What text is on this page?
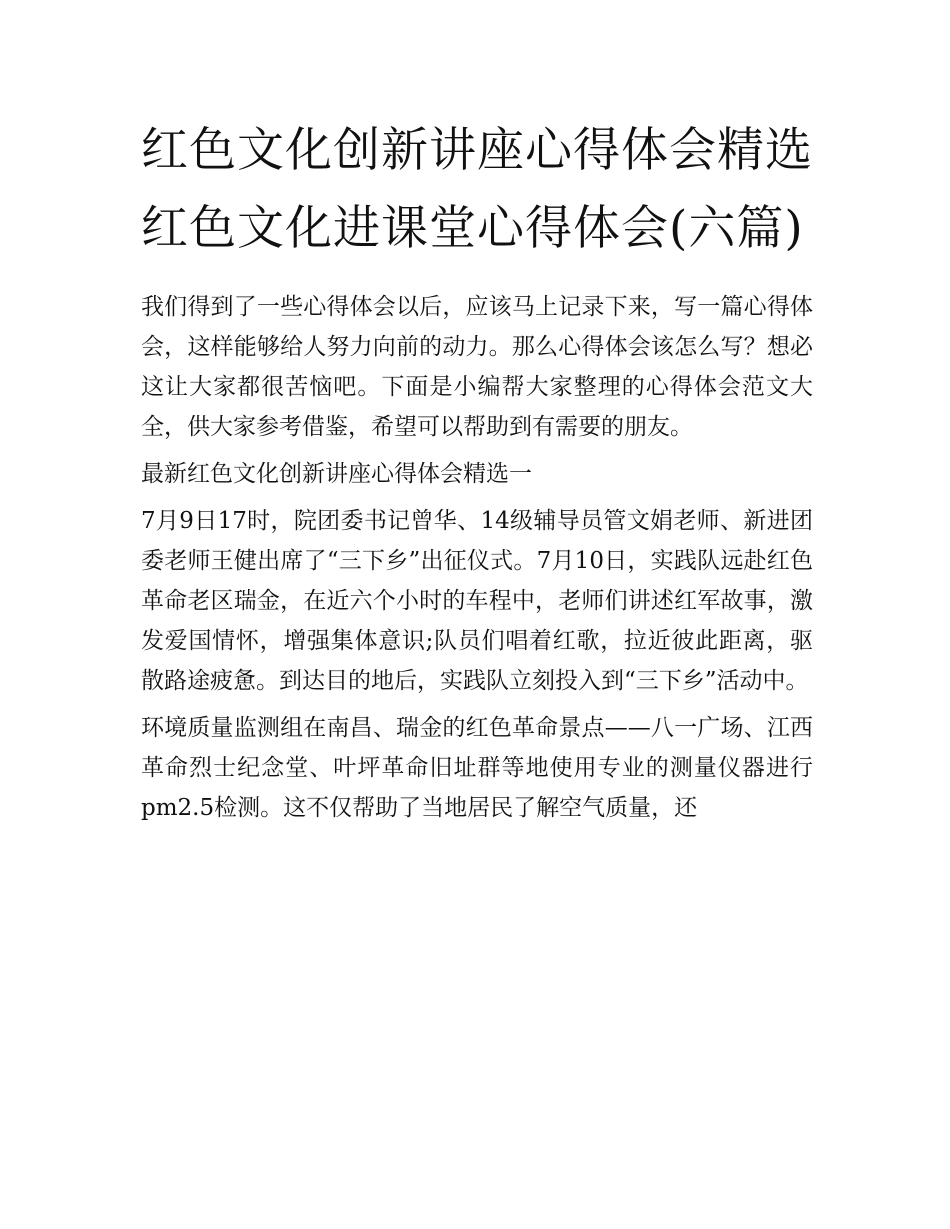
红色文化创新讲座心得体会精选 红色文化进课堂心得体会(六篇)

我们得到了一些心得体会以后，应该马上记录下来，写一篇心得体会，这样能够给人努力向前的动力。那么心得体会该怎么写？想必这让大家都很苦恼吧。下面是小编帮大家整理的心得体会范文大全，供大家参考借鉴，希望可以帮助到有需要的朋友。

最新红色文化创新讲座心得体会精选一

7月9日17时，院团委书记曾华、14级辅导员管文娟老师、新进团委老师王健出席了“三下乡”出征仪式。7月10日，实践队远赴红色革命老区瑞金，在近六个小时的车程中，老师们讲述红军故事，激发爱国情怀，增强集体意识;队员们唱着红歌，拉近彼此距离，驱散路途疲惫。到达目的地后，实践队立刻投入到“三下乡”活动中。

环境质量监测组在南昌、瑞金的红色革命景点——八一广场、江西革命烈士纪念堂、叶坪革命旧址群等地使用专业的测量仪器进行pm2.5检测。这不仅帮助了当地居民了解空气质量，还
